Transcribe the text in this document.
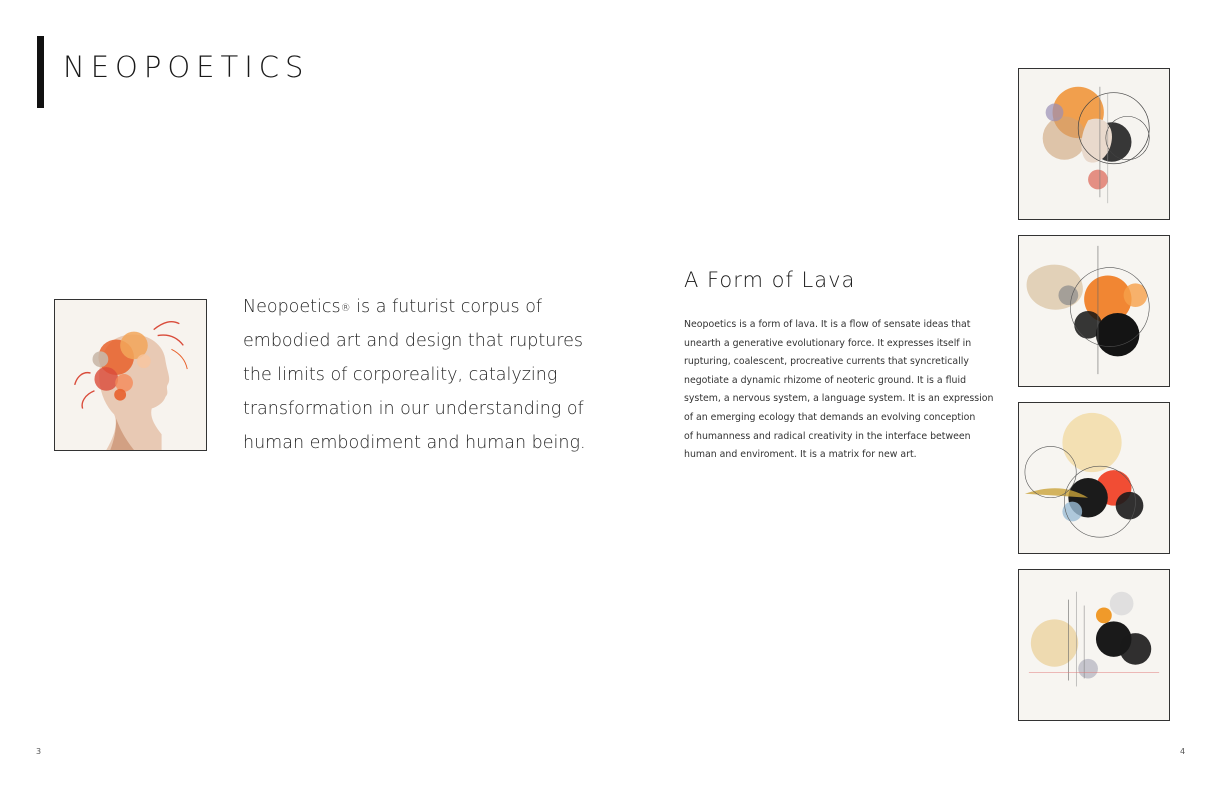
NEOPOETICS

Neopoetics® is a futurist corpus of
embodied art and design that ruptures
the limits of corporeality, catalyzing
transformation in our understanding of
human embodiment and human being.

A Form of Lava

Neopoetics is a form of lava. It is a flow of sensate ideas that
unearth a generative evolutionary force. It expresses itself in
rupturing, coalescent, procreative currents that syncretically
negotiate a dynamic rhizome of neoteric ground. It is a fluid
system, a nervous system, a language system. It is an expression
of an emerging ecology that demands an evolving conception
of humanness and radical creativity in the interface between
human and enviroment. It is a matrix for new art.

3	4
